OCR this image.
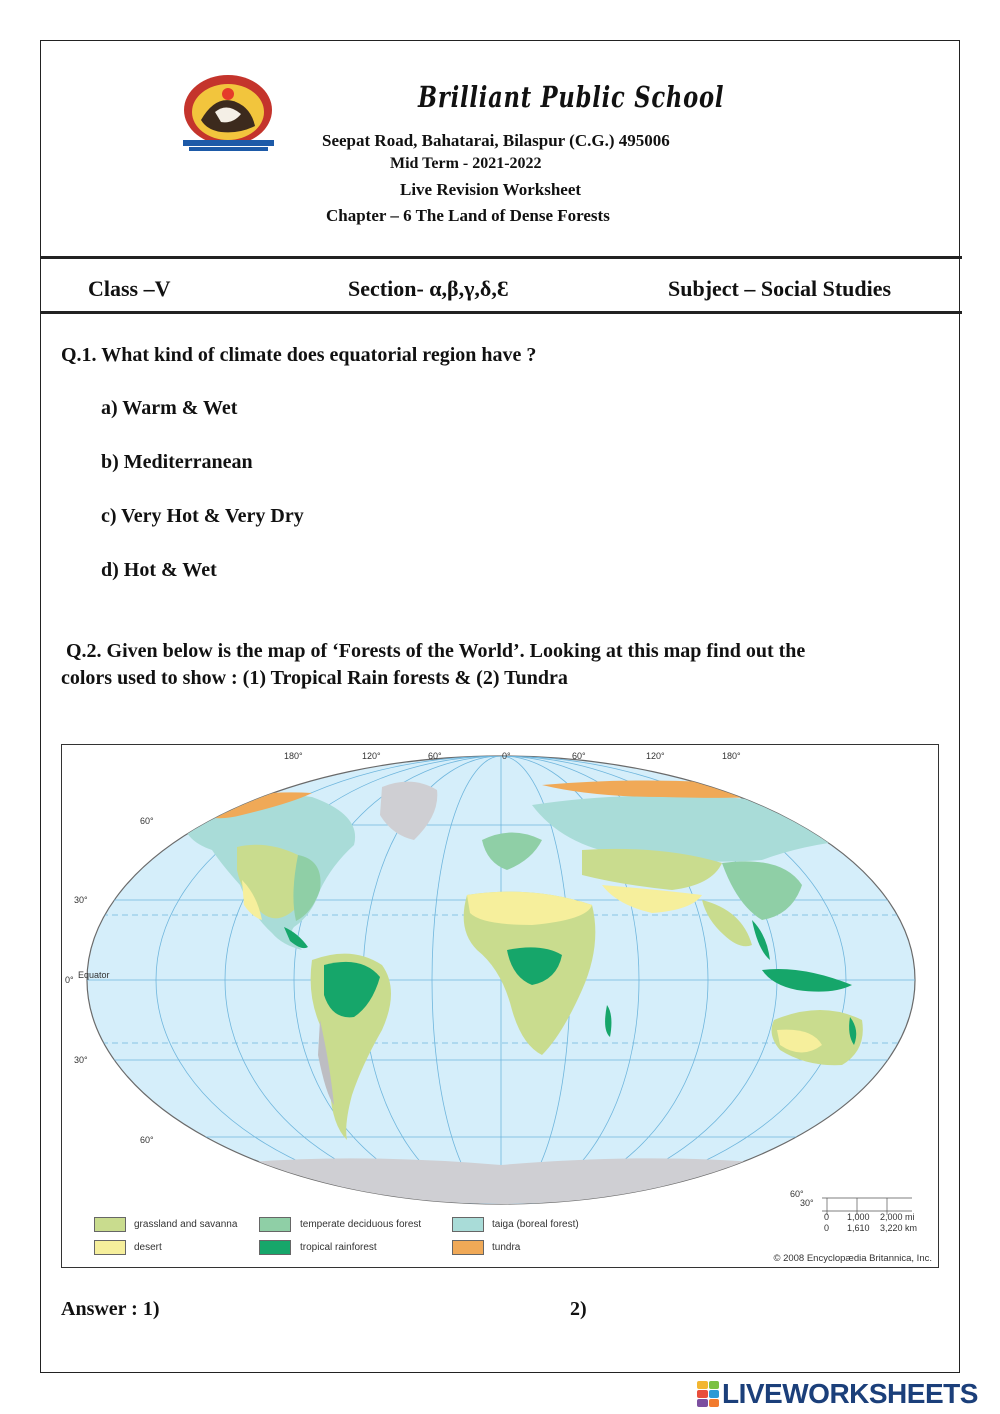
Brilliant Public School
Seepat Road, Bahatarai, Bilaspur (C.G.) 495006
Mid Term - 2021-2022
Live Revision Worksheet
Chapter – 6 The Land of Dense Forests
Class –V	Section- α,β,γ,δ,Ɛ	Subject – Social Studies
Q.1. What kind of climate does equatorial region have ?
a) Warm & Wet
b) Mediterranean
c) Very Hot & Very Dry
d) Hot & Wet
Q.2. Given below is the map of ‘Forests of the World’. Looking at this map find out the
colors used to show : (1) Tropical Rain forests & (2) Tundra
180°	120°	60°	0°	60°	120°	180°
60°
30°
0° Equator
30°
60°
60°
30°
0 1,000 2,000 mi
0 1,610 3,220 km
grassland and savanna	temperate deciduous forest	taiga (boreal forest)
desert	tropical rainforest	tundra
© 2008 Encyclopædia Britannica, Inc.
Answer : 1)	2)
LIVEWORKSHEETS
